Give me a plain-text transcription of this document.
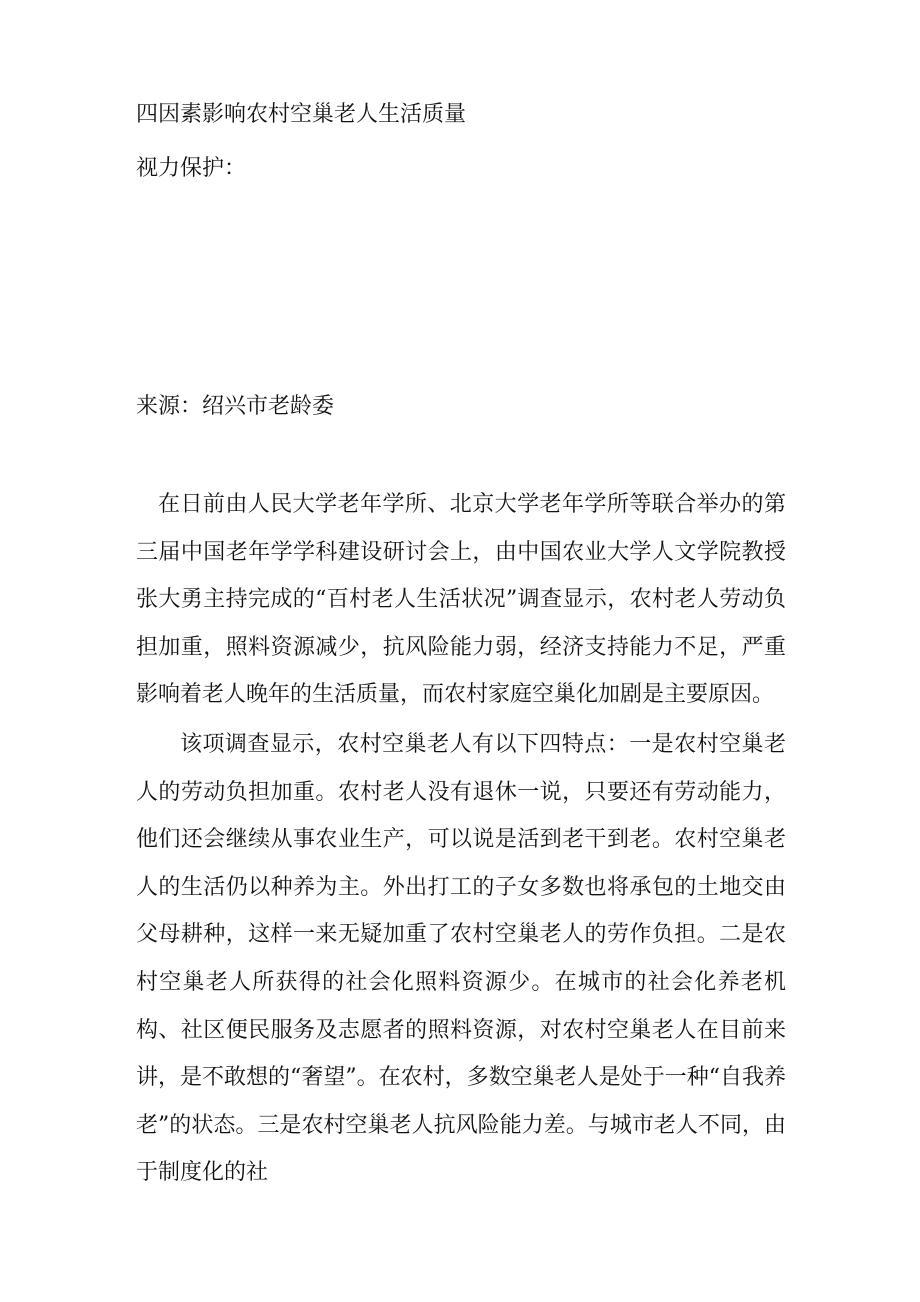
四因素影响农村空巢老人生活质量
视力保护：
来源：绍兴市老龄委
在日前由人民大学老年学所、北京大学老年学所等联合举办的第三届中国老年学学科建设研讨会上，由中国农业大学人文学院教授张大勇主持完成的“百村老人生活状况”调查显示，农村老人劳动负担加重，照料资源减少，抗风险能力弱，经济支持能力不足，严重影响着老人晚年的生活质量，而农村家庭空巢化加剧是主要原因。
该项调查显示，农村空巢老人有以下四特点：一是农村空巢老人的劳动负担加重。农村老人没有退休一说，只要还有劳动能力，他们还会继续从事农业生产，可以说是活到老干到老。农村空巢老人的生活仍以种养为主。外出打工的子女多数也将承包的土地交由父母耕种，这样一来无疑加重了农村空巢老人的劳作负担。二是农村空巢老人所获得的社会化照料资源少。在城市的社会化养老机构、社区便民服务及志愿者的照料资源，对农村空巢老人在目前来讲，是不敢想的“奢望”。在农村，多数空巢老人是处于一种“自我养老”的状态。三是农村空巢老人抗风险能力差。与城市老人不同，由于制度化的社
